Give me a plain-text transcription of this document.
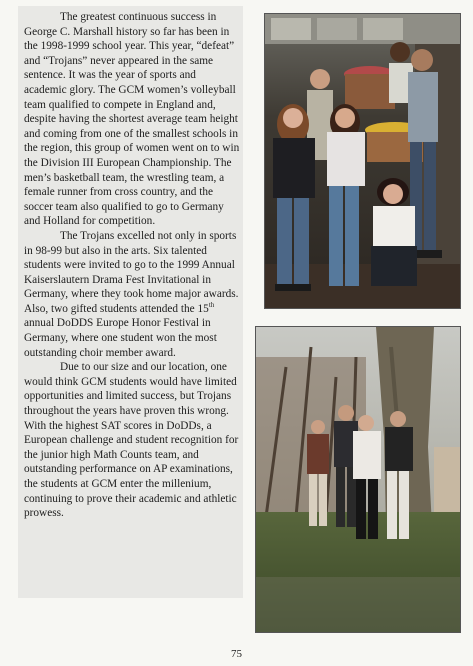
The greatest continuous success in George C. Marshall history so far has been in the 1998-1999 school year. This year, “defeat” and “Trojans” never appeared in the same sentence. It was the year of sports and academic glory. The GCM women’s volleyball team qualified to compete in England and, despite having the shortest average team height and coming from one of the smallest schools in the region, this group of women went on to win the Division III European Championship. The men’s basketball team, the wrestling team, a female runner from cross country, and the soccer team also qualified to go to Germany and Holland for competition.

The Trojans excelled not only in sports in 98-99 but also in the arts. Six talented students were invited to go to the 1999 Annual Kaiserslautern Drama Fest Invitational in Germany, where they took home major awards. Also, two gifted students attended the 15th annual DoDDS Europe Honor Festival in Germany, where one student won the most outstanding choir member award.

Due to our size and our location, one would think GCM students would have limited opportunities and limited success, but Trojans throughout the years have proven this wrong. With the highest SAT scores in DoDDs, a European challenge and student recognition for the junior high Math Counts team, and outstanding performance on AP examinations, the students at GCM enter the millenium, continuing to prove their academic and athletic prowess.

75
